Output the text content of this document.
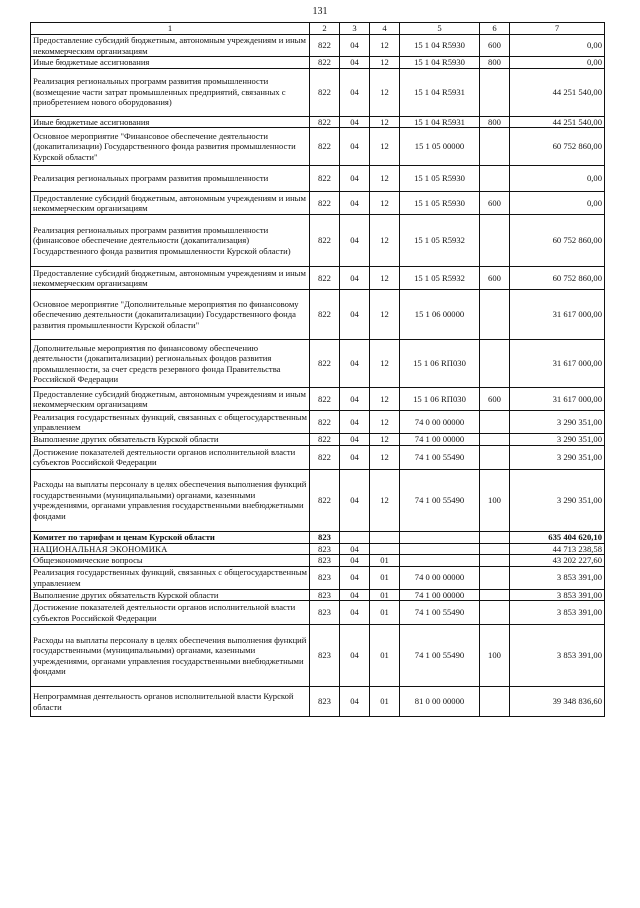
131
1	2	3	4	5	6	7
Предоставление субсидий бюджетным, автономным учреждениям и иным некоммерческим организациям	822	04	12	15 1 04 R5930	600	0,00
Иные бюджетные ассигнования	822	04	12	15 1 04 R5930	800	0,00
Реализация региональных программ развития промышленности (возмещение части затрат промышленных предприятий, связанных с приобретением нового оборудования)	822	04	12	15 1 04 R5931		44 251 540,00
Иные бюджетные ассигнования	822	04	12	15 1 04 R5931	800	44 251 540,00
Основное мероприятие "Финансовое обеспечение деятельности (докапитализации) Государственного фонда развития промышленности Курской области"	822	04	12	15 1 05 00000		60 752 860,00
Реализация региональных программ развития промышленности	822	04	12	15 1 05 R5930		0,00
Предоставление субсидий бюджетным, автономным учреждениям и иным некоммерческим организациям	822	04	12	15 1 05 R5930	600	0,00
Реализация региональных программ развития промышленности (финансовое обеспечение деятельности (докапитализация) Государственного фонда развития промышленности Курской области)	822	04	12	15 1 05 R5932		60 752 860,00
Предоставление субсидий бюджетным, автономным учреждениям и иным некоммерческим организациям	822	04	12	15 1 05 R5932	600	60 752 860,00
Основное мероприятие "Дополнительные мероприятия по финансовому обеспечению деятельности (докапитализации) Государственного фонда развития промышленности Курской области"	822	04	12	15 1 06 00000		31 617 000,00
Дополнительные мероприятия по финансовому обеспечению деятельности (докапитализации) региональных фондов развития промышленности, за счет средств резервного фонда Правительства Российской Федерации	822	04	12	15 1 06 RП030		31 617 000,00
Предоставление субсидий бюджетным, автономным учреждениям и иным некоммерческим организациям	822	04	12	15 1 06 RП030	600	31 617 000,00
Реализация государственных функций, связанных с общегосударственным управлением	822	04	12	74 0 00 00000		3 290 351,00
Выполнение других обязательств Курской области	822	04	12	74 1 00 00000		3 290 351,00
Достижение показателей деятельности органов исполнительной власти субъектов Российской Федерации	822	04	12	74 1 00 55490		3 290 351,00
Расходы на выплаты персоналу в целях обеспечения выполнения функций государственными (муниципальными) органами, казенными учреждениями, органами управления государственными внебюджетными фондами	822	04	12	74 1 00 55490	100	3 290 351,00
Комитет по тарифам и ценам Курской области	823					635 404 620,10
НАЦИОНАЛЬНАЯ ЭКОНОМИКА	823	04				44 713 238,58
Общеэкономические вопросы	823	04	01			43 202 227,60
Реализация государственных функций, связанных с общегосударственным управлением	823	04	01	74 0 00 00000		3 853 391,00
Выполнение других обязательств Курской области	823	04	01	74 1 00 00000		3 853 391,00
Достижение показателей деятельности органов исполнительной власти субъектов Российской Федерации	823	04	01	74 1 00 55490		3 853 391,00
Расходы на выплаты персоналу в целях обеспечения выполнения функций государственными (муниципальными) органами, казенными учреждениями, органами управления государственными внебюджетными фондами	823	04	01	74 1 00 55490	100	3 853 391,00
Непрограммная деятельность органов исполнительной власти Курской области	823	04	01	81 0 00 00000		39 348 836,60
